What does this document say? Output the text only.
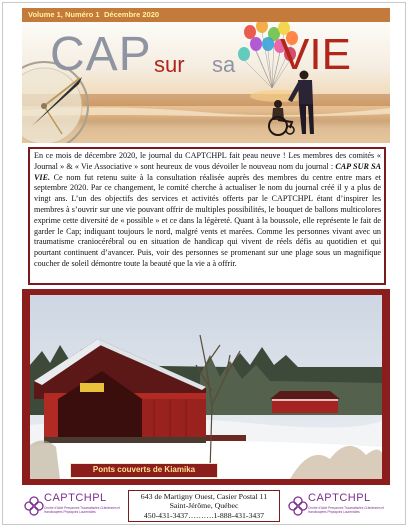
Volume 1, Numéro 1 Décembre 2020
CAP sur sa VIE

En ce mois de décembre 2020, le journal du CAPTCHPL fait peau neuve ! Les membres des comités « Journal » & « Vie Associative » sont heureux de vous dévoiler le nouveau nom du journal : CAP SUR SA VIE. Ce nom fut retenu suite à la consultation réalisée auprès des membres du centre entre mars et septembre 2020. Par ce changement, le comité cherche à actualiser le nom du journal créé il y a plus de vingt ans. L’un des objectifs des services et activités offerts par le CAPTCHPL étant d’inspirer les membres à s’ouvrir sur une vie pouvant offrir de multiples possibilités, le bouquet de ballons multicolores exprime cette diversité de « possible » et ce dans la légèreté. Quant à la boussole, elle représente le fait de garder le Cap; indiquant toujours le nord, malgré vents et marées. Comme les personnes vivant avec un traumatisme craniocérébral ou en situation de handicap qui vivent de réels défis au quotidien et qui pourtant continuent d’avancer. Puis, voir des personnes se promenant sur une plage sous un magnifique coucher de soleil démontre toute la beauté que la vie a à offrir.

Ponts couverts de Kiamika
CAPTCHPL
Centre d'Aide Personnes Traumatisées Crâniennes et Handicapées Physiques Laurentides
643 de Martigny Ouest, Casier Postal 11
Saint-Jérôme, Québec
450-431-3437……….1-888-431-3437
CAPTCHPL
Centre d'Aide Personnes Traumatisées Crâniennes et Handicapées Physiques Laurentides
